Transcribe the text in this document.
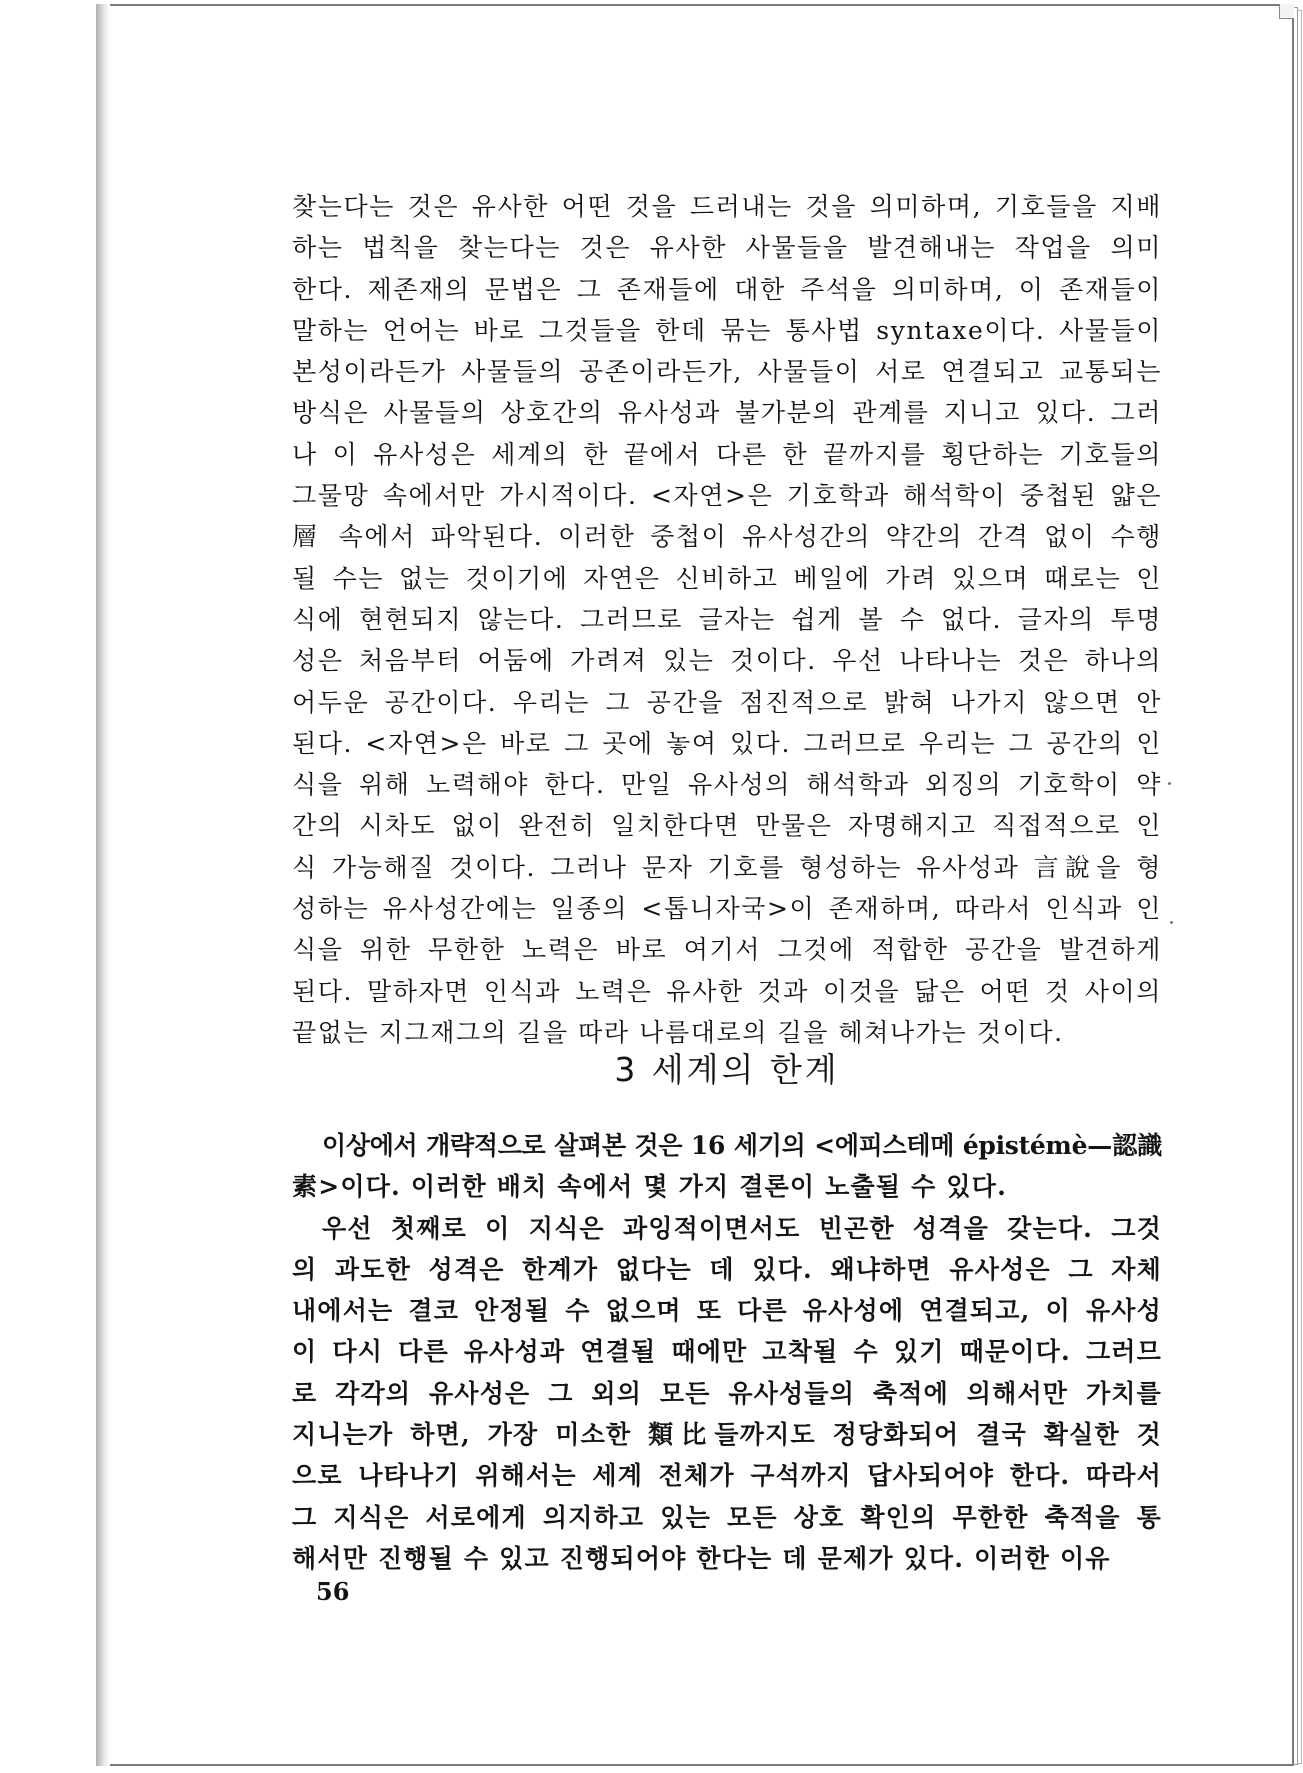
찾는다는 것은 유사한 어떤 것을 드러내는 것을 의미하며, 기호들을 지배
하는 법칙을 찾는다는 것은 유사한 사물들을 발견해내는 작업을 의미
한다. 제존재의 문법은 그 존재들에 대한 주석을 의미하며, 이 존재들이
말하는 언어는 바로 그것들을 한데 묶는 통사법 syntaxe이다. 사물들이
본성이라든가 사물들의 공존이라든가, 사물들이 서로 연결되고 교통되는
방식은 사물들의 상호간의 유사성과 불가분의 관계를 지니고 있다. 그러
나 이 유사성은 세계의 한 끝에서 다른 한 끝까지를 횡단하는 기호들의
그물망 속에서만 가시적이다. <자연>은 기호학과 해석학이 중첩된 얇은
層 속에서 파악된다. 이러한 중첩이 유사성간의 약간의 간격 없이 수행
될 수는 없는 것이기에 자연은 신비하고 베일에 가려 있으며 때로는 인
식에 현현되지 않는다. 그러므로 글자는 쉽게 볼 수 없다. 글자의 투명
성은 처음부터 어둠에 가려져 있는 것이다. 우선 나타나는 것은 하나의
어두운 공간이다. 우리는 그 공간을 점진적으로 밝혀 나가지 않으면 안
된다. <자연>은 바로 그 곳에 놓여 있다. 그러므로 우리는 그 공간의 인
식을 위해 노력해야 한다. 만일 유사성의 해석학과 외징의 기호학이 약
간의 시차도 없이 완전히 일치한다면 만물은 자명해지고 직접적으로 인
식 가능해질 것이다. 그러나 문자 기호를 형성하는 유사성과 言說을 형
성하는 유사성간에는 일종의 <톱니자국>이 존재하며, 따라서 인식과 인
식을 위한 무한한 노력은 바로 여기서 그것에 적합한 공간을 발견하게
된다. 말하자면 인식과 노력은 유사한 것과 이것을 닮은 어떤 것 사이의
끝없는 지그재그의 길을 따라 나름대로의 길을 헤쳐나가는 것이다.

3 세계의 한계

이상에서 개략적으로 살펴본 것은 16 세기의 <에피스테메 épistémè—認識
素>이다. 이러한 배치 속에서 몇 가지 결론이 노출될 수 있다.

우선 첫째로 이 지식은 과잉적이면서도 빈곤한 성격을 갖는다. 그것
의 과도한 성격은 한계가 없다는 데 있다. 왜냐하면 유사성은 그 자체
내에서는 결코 안정될 수 없으며 또 다른 유사성에 연결되고, 이 유사성
이 다시 다른 유사성과 연결될 때에만 고착될 수 있기 때문이다. 그러므
로 각각의 유사성은 그 외의 모든 유사성들의 축적에 의해서만 가치를
지니는가 하면, 가장 미소한 類比들까지도 정당화되어 결국 확실한 것
으로 나타나기 위해서는 세계 전체가 구석까지 답사되어야 한다. 따라서
그 지식은 서로에게 의지하고 있는 모든 상호 확인의 무한한 축적을 통
해서만 진행될 수 있고 진행되어야 한다는 데 문제가 있다. 이러한 이유

56
